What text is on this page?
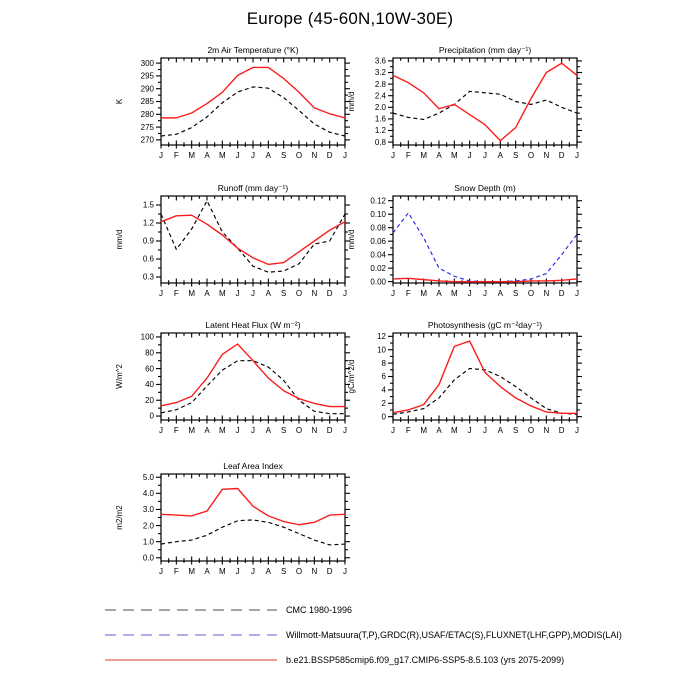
Europe (45-60N,10W-30E)
2m Air Temperature (°K)
K
270
275
280
285
290
295
300
J F M A M J J A S O N D J
Precipitation (mm day⁻¹)
mm/d
0.8
1.2
1.6
2.0
2.4
2.8
3.2
3.6
J F M A M J J A S O N D J
Runoff (mm day⁻¹)
mm/d
0.3
0.6
0.9
1.2
1.5
J F M A M J J A S O N D J
Snow Depth (m)
mm/d
0.00
0.02
0.04
0.06
0.08
0.10
0.12
J F M A M J J A S O N D J
Latent Heat Flux (W m⁻²)
W/m^2
0
20
40
60
80
100
J F M A M J J A S O N D J
Photosynthesis (gC m⁻²day⁻¹)
gC/m^2/d
0
2
4
6
8
10
12
J F M A M J J A S O N D J
Leaf Area Index
m2/m2
0.0
1.0
2.0
3.0
4.0
5.0
J F M A M J J A S O N D J
CMC 1980-1996
Willmott-Matsuura(T,P),GRDC(R),USAF/ETAC(S),FLUXNET(LHF,GPP),MODIS(LAI)
b.e21.BSSP585cmip6.f09_g17.CMIP6-SSP5-8.5.103 (yrs 2075-2099)
